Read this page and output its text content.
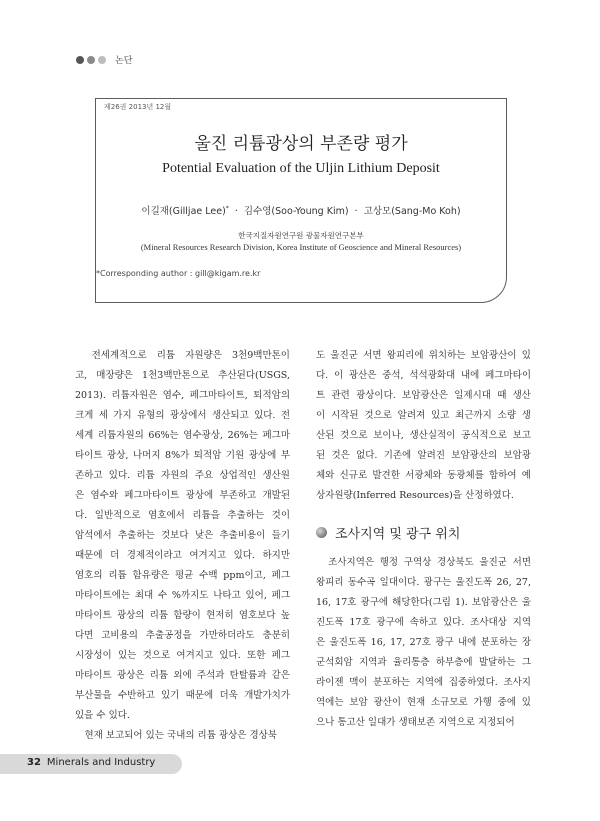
논단
제26권 2013년 12월
울진 리튬광상의 부존량 평가
Potential Evaluation of the Uljin Lithium Deposit
이길재(Gilljae Lee)* · 김수영(Soo-Young Kim) · 고상모(Sang-Mo Koh)
한국지질자원연구원 광물자원연구본부
(Mineral Resources Research Division, Korea Institute of Geoscience and Mineral Resources)
*Corresponding author : gill@kigam.re.kr
　전세계적으로 리튬 자원량은 3천9백만톤이
고, 매장량은 1천3백만톤으로 추산된다(USGS,
2013). 리튬자원은 염수, 페그마타이트, 퇴적암의
크게 세 가지 유형의 광상에서 생산되고 있다. 전
세계 리튬자원의 66%는 염수광상, 26%는 페그마
타이트 광상, 나머지 8%가 퇴적암 기원 광상에 부
존하고 있다. 리튬 자원의 주요 상업적인 생산원
은 염수와 페그마타이트 광상에 부존하고 개발된
다. 일반적으로 염호에서 리튬을 추출하는 것이
암석에서 추출하는 것보다 낮은 추출비용이 들기
때문에 더 경제적이라고 여겨지고 있다. 하지만
염호의 리튬 함유량은 평균 수백 ppm이고, 페그
마타이트에는 최대 수 %까지도 나타고 있어, 페그
마타이트 광상의 리튬 함량이 현저히 염호보다 높
다면 고비용의 추출공정을 가만하더라도 충분히
시장성이 있는 것으로 여겨지고 있다. 또한 페그
마타이트 광상은 리튬 외에 주석과 탄탈륨과 같은
부산물을 수반하고 있기 때문에 더욱 개발가치가
있을 수 있다.
　현재 보고되어 있는 국내의 리튬 광상은 경상북
도 울진군 서면 왕피리에 위치하는 보암광산이 있
다. 이 광산은 중석, 석석광화대 내에 페그마타이
트 관련 광상이다. 보암광산은 일제시대 때 생산
이 시작된 것으로 알려져 있고 최근까지 소량 생
산된 것으로 보이나, 생산실적이 공식적으로 보고
된 것은 없다. 기존에 알려진 보암광산의 보암광
체와 신규로 발견한 서광체와 동광체를 합하여 예
상자원량(Inferred Resources)을 산정하였다.
조사지역 및 광구 위치
　조사지역은 행정 구역상 경상북도 울진군 서면
왕피리 동수곡 일대이다. 광구는 울진도폭 26, 27,
16, 17호 광구에 해당한다(그림 1). 보암광산은 울
진도폭 17호 광구에 속하고 있다. 조사대상 지역
은 울진도폭 16, 17, 27호 광구 내에 분포하는 장
군석회암 지역과 율리통층 하부층에 발달하는 그
라이젠 맥이 분포하는 지역에 집중하였다. 조사지
역에는 보암 광산이 현재 소규모로 가행 중에 있
으나 통고산 일대가 생태보존 지역으로 지정되어
32 Minerals and Industry
